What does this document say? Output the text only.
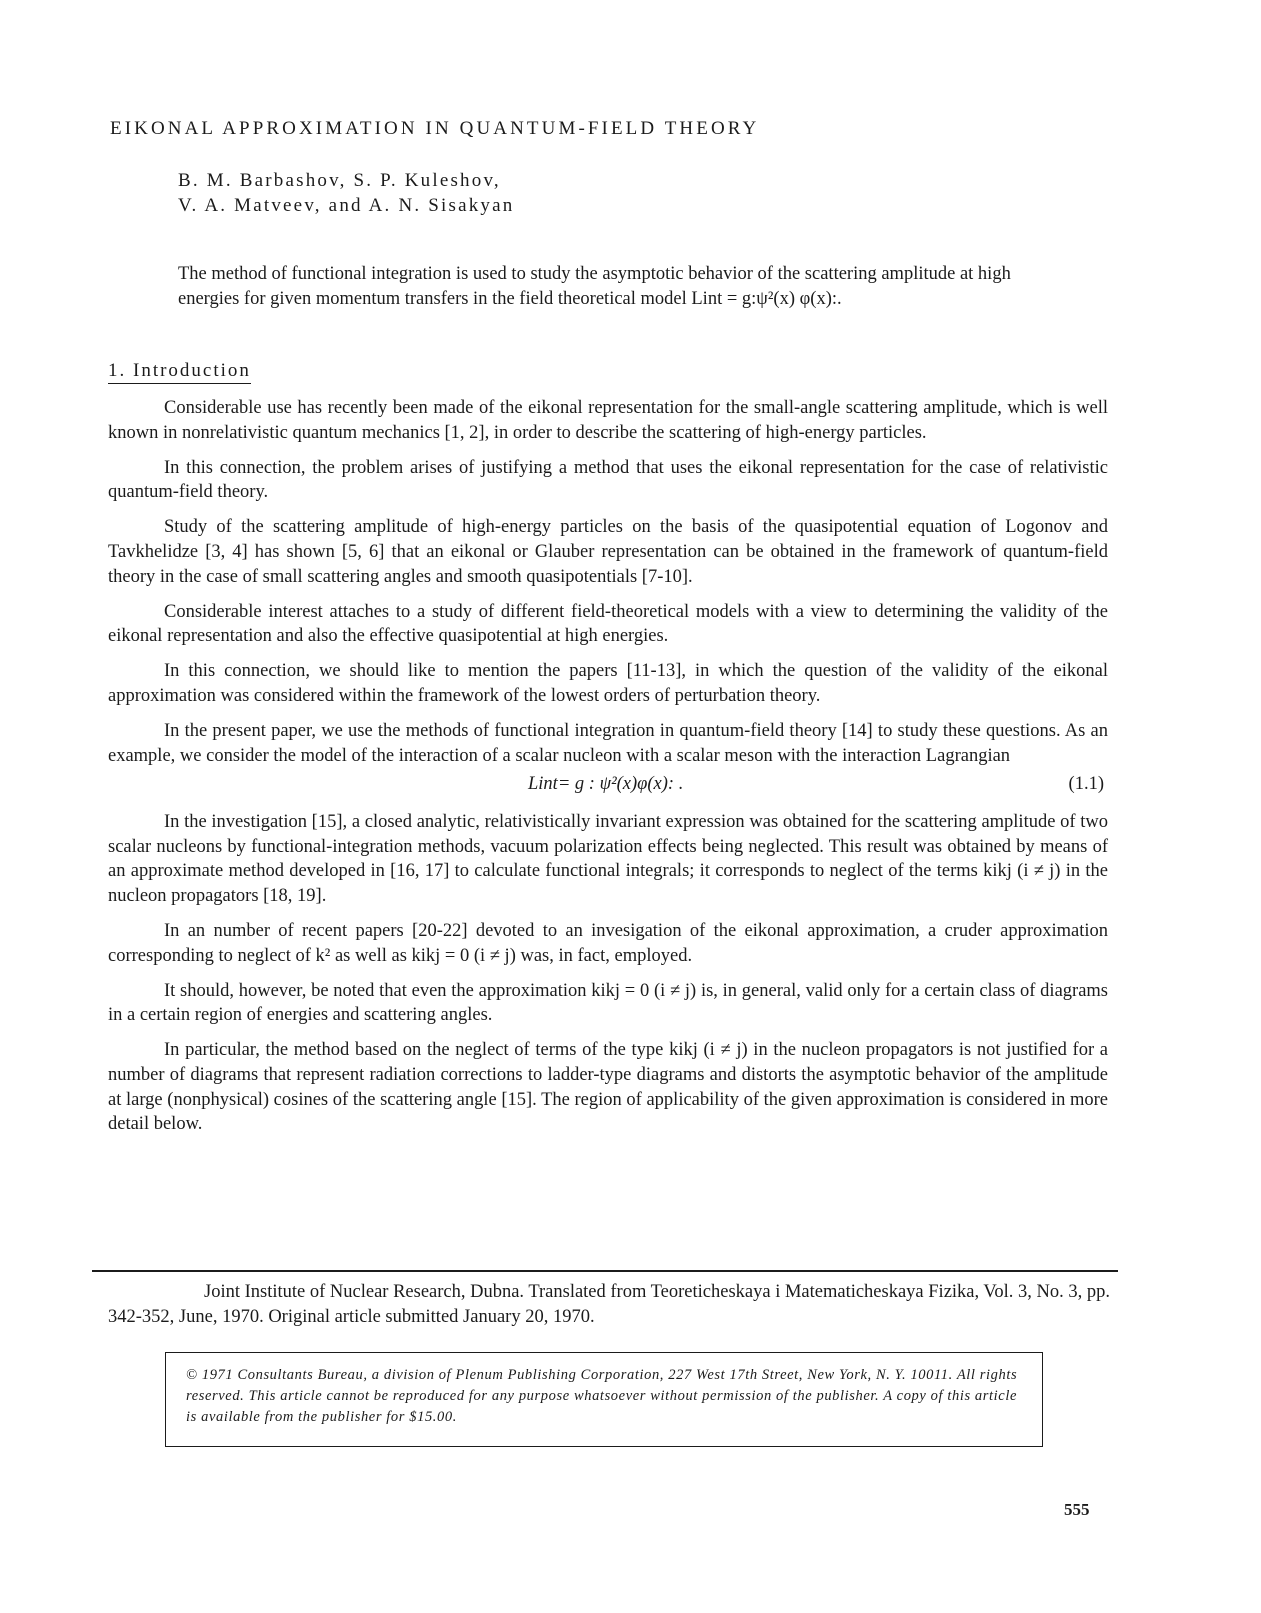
EIKONAL APPROXIMATION IN QUANTUM-FIELD THEORY
B. M. Barbashov, S. P. Kuleshov,
V. A. Matveev, and A. N. Sisakyan

The method of functional integration is used to study the asymptotic behavior of the scattering amplitude at high energies for given momentum transfers in the field theoretical model Lint = g:ψ²(x) φ(x):.

1. Introduction

Considerable use has recently been made of the eikonal representation for the small-angle scattering amplitude, which is well known in nonrelativistic quantum mechanics [1, 2], in order to describe the scattering of high-energy particles.

In this connection, the problem arises of justifying a method that uses the eikonal representation for the case of relativistic quantum-field theory.

Study of the scattering amplitude of high-energy particles on the basis of the quasipotential equation of Logonov and Tavkhelidze [3, 4] has shown [5, 6] that an eikonal or Glauber representation can be obtained in the framework of quantum-field theory in the case of small scattering angles and smooth quasipotentials [7-10].

Considerable interest attaches to a study of different field-theoretical models with a view to determining the validity of the eikonal representation and also the effective quasipotential at high energies.

In this connection, we should like to mention the papers [11-13], in which the question of the validity of the eikonal approximation was considered within the framework of the lowest orders of perturbation theory.

In the present paper, we use the methods of functional integration in quantum-field theory [14] to study these questions. As an example, we consider the model of the interaction of a scalar nucleon with a scalar meson with the interaction Lagrangian

Lint= g : ψ²(x)φ(x): .	(1.1)

In the investigation [15], a closed analytic, relativistically invariant expression was obtained for the scattering amplitude of two scalar nucleons by functional-integration methods, vacuum polarization effects being neglected. This result was obtained by means of an approximate method developed in [16, 17] to calculate functional integrals; it corresponds to neglect of the terms kikj (i ≠ j) in the nucleon propagators [18, 19].

In an number of recent papers [20-22] devoted to an invesigation of the eikonal approximation, a cruder approximation corresponding to neglect of k² as well as kikj = 0 (i ≠ j) was, in fact, employed.

It should, however, be noted that even the approximation kikj = 0 (i ≠ j) is, in general, valid only for a certain class of diagrams in a certain region of energies and scattering angles.

In particular, the method based on the neglect of terms of the type kikj (i ≠ j) in the nucleon propagators is not justified for a number of diagrams that represent radiation corrections to ladder-type diagrams and distorts the asymptotic behavior of the amplitude at large (nonphysical) cosines of the scattering angle [15]. The region of applicability of the given approximation is considered in more detail below.

Joint Institute of Nuclear Research, Dubna. Translated from Teoreticheskaya i Matematicheskaya Fizika, Vol. 3, No. 3, pp. 342-352, June, 1970. Original article submitted January 20, 1970.

© 1971 Consultants Bureau, a division of Plenum Publishing Corporation, 227 West 17th Street, New York, N. Y. 10011. All rights reserved. This article cannot be reproduced for any purpose whatsoever without permission of the publisher. A copy of this article is available from the publisher for $15.00.

555
